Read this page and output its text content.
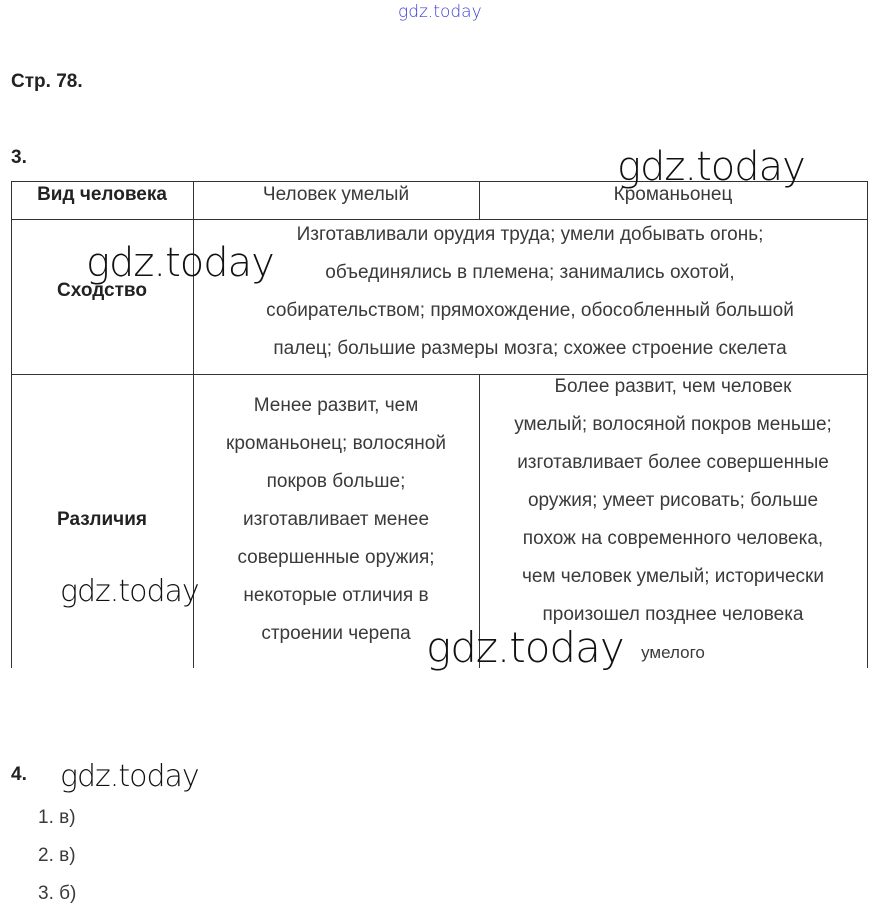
gdz.today
Стр. 78.
3.
Вид человека	Человек умелый	Кроманьонец
Сходство
Изготавливали орудия труда; умели добывать огонь;
объединялись в племена; занимались охотой,
собирательством; прямохождение, обособленный большой
палец; большие размеры мозга; схожее строение скелета
Различия
Менее развит, чем
кроманьонец; волосяной
покров больше;
изготавливает менее
совершенные оружия;
некоторые отличия в
строении черепа
Более развит, чем человек
умелый; волосяной покров меньше;
изготавливает более совершенные
оружия; умеет рисовать; больше
похож на современного человека,
чем человек умелый; исторически
произошел позднее человека
умелого
gdz.today
gdz.today
gdz.today
gdz.today
gdz.today
4.
1. в)
2. в)
3. б)
